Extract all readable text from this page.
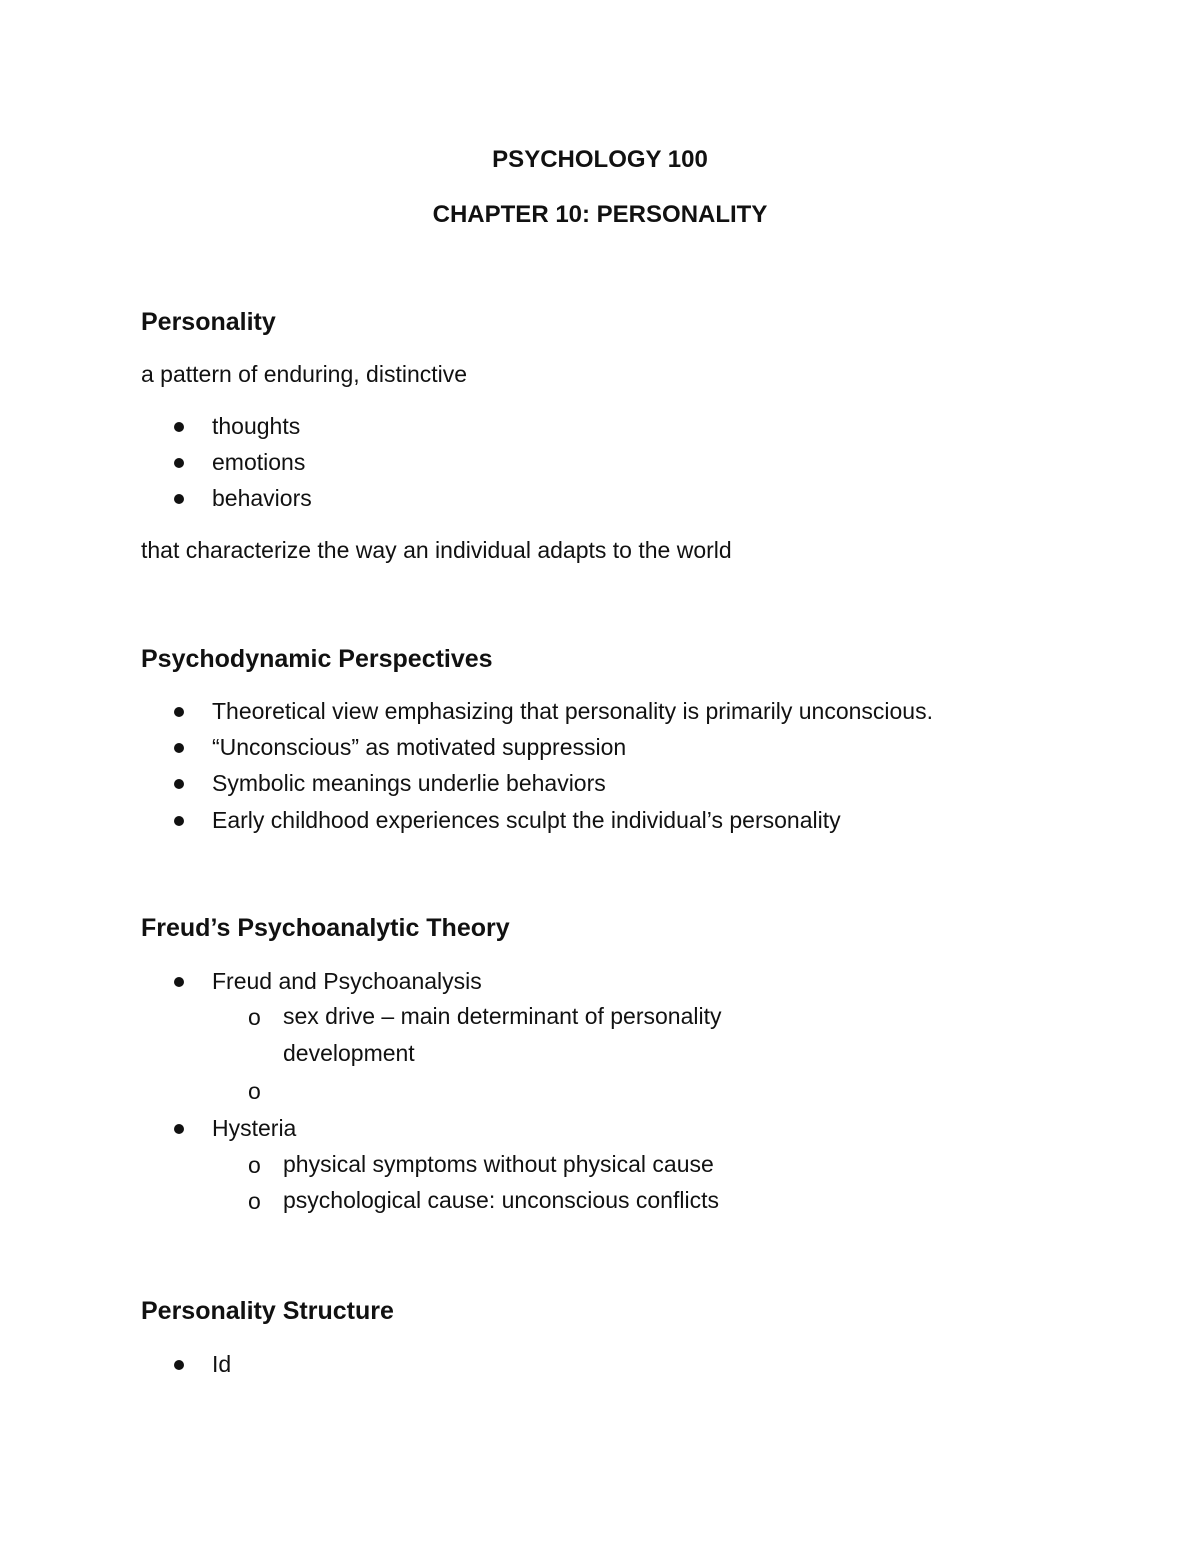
PSYCHOLOGY 100
CHAPTER 10: PERSONALITY
Personality
a pattern of enduring, distinctive
thoughts
emotions
behaviors
that characterize the way an individual adapts to the world
Psychodynamic Perspectives
Theoretical view emphasizing that personality is primarily unconscious.
“Unconscious” as motivated suppression
Symbolic meanings underlie behaviors
Early childhood experiences sculpt the individual’s personality
Freud’s Psychoanalytic Theory
Freud and Psychoanalysis
o sex drive – main determinant of personality development
o
Hysteria
o physical symptoms without physical cause
o psychological cause: unconscious conflicts
Personality Structure
Id
